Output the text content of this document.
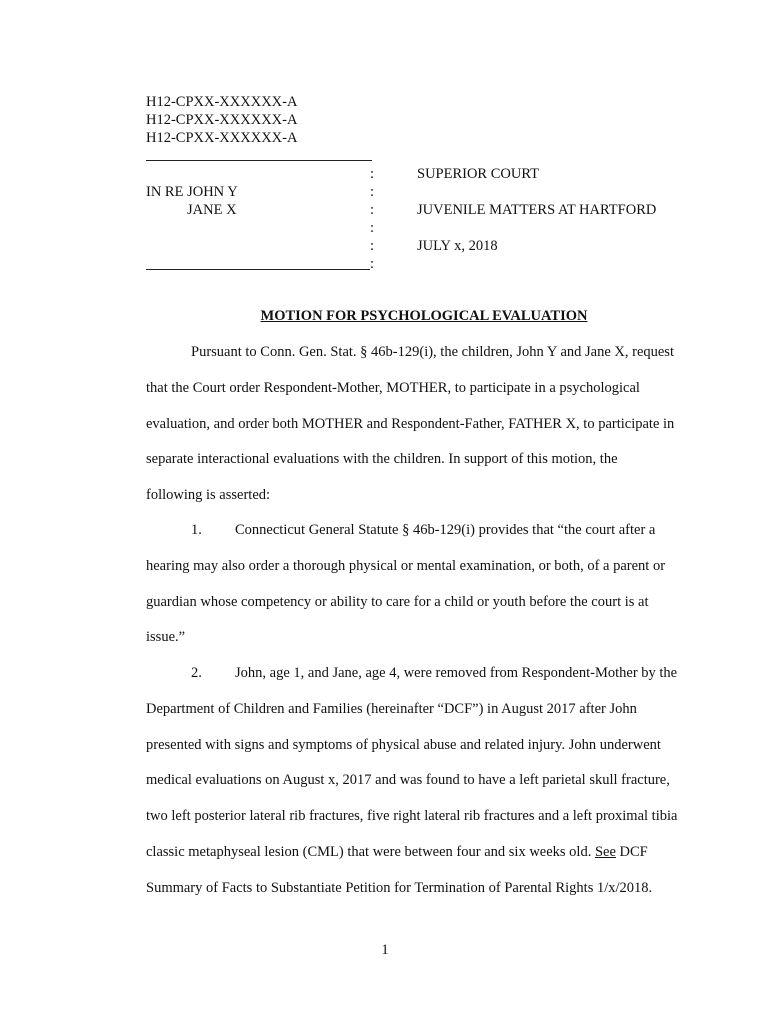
H12-CPXX-XXXXXX-A
H12-CPXX-XXXXXX-A
H12-CPXX-XXXXXX-A
:
:
:
:
:
:
IN RE JOHN Y
JANE X
SUPERIOR COURT
JUVENILE MATTERS AT HARTFORD
JULY x, 2018
MOTION FOR PSYCHOLOGICAL EVALUATION
Pursuant to Conn. Gen. Stat. § 46b-129(i), the children, John Y and Jane X, request
that the Court order Respondent-Mother, MOTHER, to participate in a psychological
evaluation, and order both MOTHER and Respondent-Father, FATHER X, to participate in
separate interactional evaluations with the children. In support of this motion, the
following is asserted:
1.	Connecticut General Statute § 46b-129(i) provides that “the court after a
hearing may also order a thorough physical or mental examination, or both, of a parent or
guardian whose competency or ability to care for a child or youth before the court is at
issue.”
2.	John, age 1, and Jane, age 4, were removed from Respondent-Mother by the
Department of Children and Families (hereinafter “DCF”) in August 2017 after John
presented with signs and symptoms of physical abuse and related injury. John underwent
medical evaluations on August x, 2017 and was found to have a left parietal skull fracture,
two left posterior lateral rib fractures, five right lateral rib fractures and a left proximal tibia
classic metaphyseal lesion (CML) that were between four and six weeks old. See DCF
Summary of Facts to Substantiate Petition for Termination of Parental Rights 1/x/2018.
1
